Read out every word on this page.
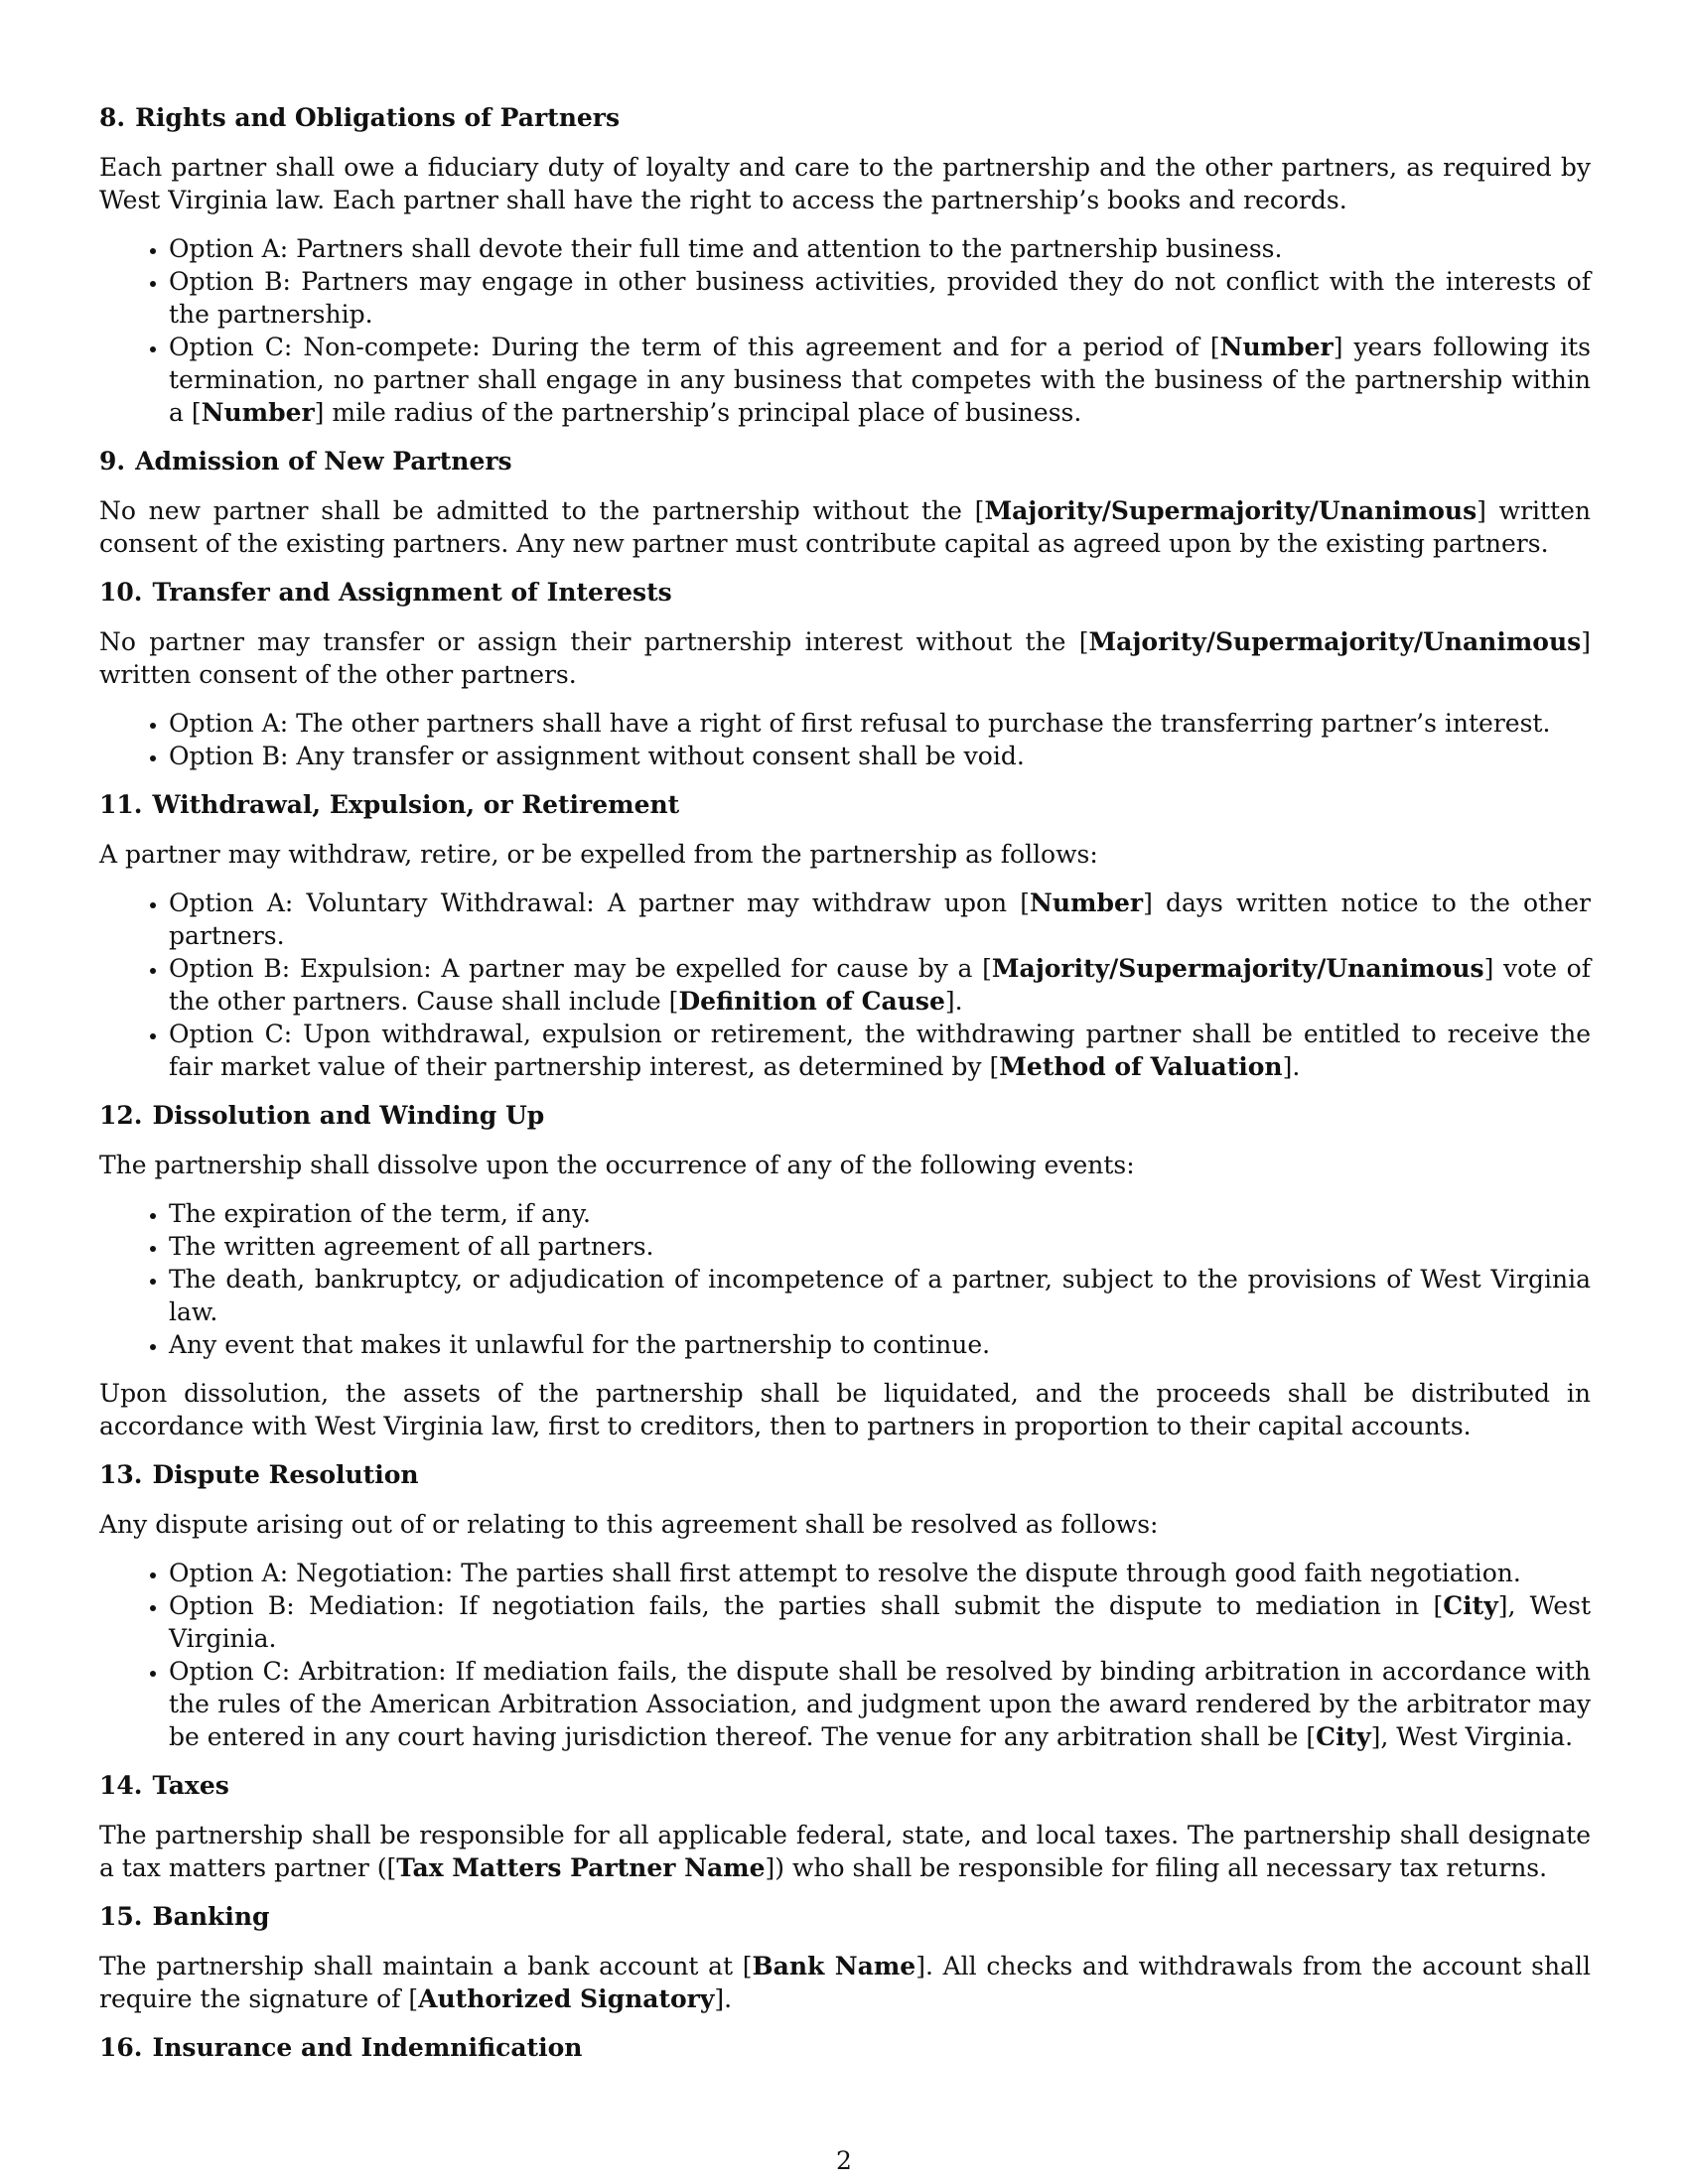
8. Rights and Obligations of Partners

Each partner shall owe a fiduciary duty of loyalty and care to the partnership and the other partners, as required by West Virginia law. Each partner shall have the right to access the partnership’s books and records.

• Option A: Partners shall devote their full time and attention to the partnership business.
• Option B: Partners may engage in other business activities, provided they do not conflict with the interests of the partnership.
• Option C: Non-compete: During the term of this agreement and for a period of [Number] years following its termination, no partner shall engage in any business that competes with the business of the partnership within a [Number] mile radius of the partnership’s principal place of business.
9. Admission of New Partners

No new partner shall be admitted to the partnership without the [Majority/Supermajority/Unanimous] written consent of the existing partners. Any new partner must contribute capital as agreed upon by the existing partners.

10. Transfer and Assignment of Interests

No partner may transfer or assign their partnership interest without the [Majority/Supermajority/Unanimous] written consent of the other partners.

• Option A: The other partners shall have a right of first refusal to purchase the transferring partner’s interest.
• Option B: Any transfer or assignment without consent shall be void.
11. Withdrawal, Expulsion, or Retirement

A partner may withdraw, retire, or be expelled from the partnership as follows:

• Option A: Voluntary Withdrawal: A partner may withdraw upon [Number] days written notice to the other partners.
• Option B: Expulsion: A partner may be expelled for cause by a [Majority/Supermajority/Unanimous] vote of the other partners. Cause shall include [Definition of Cause].
• Option C: Upon withdrawal, expulsion or retirement, the withdrawing partner shall be entitled to receive the fair market value of their partnership interest, as determined by [Method of Valuation].
12. Dissolution and Winding Up

The partnership shall dissolve upon the occurrence of any of the following events:

• The expiration of the term, if any.
• The written agreement of all partners.
• The death, bankruptcy, or adjudication of incompetence of a partner, subject to the provisions of West Virginia law.
• Any event that makes it unlawful for the partnership to continue.

Upon dissolution, the assets of the partnership shall be liquidated, and the proceeds shall be distributed in accordance with West Virginia law, first to creditors, then to partners in proportion to their capital accounts.

13. Dispute Resolution

Any dispute arising out of or relating to this agreement shall be resolved as follows:

• Option A: Negotiation: The parties shall first attempt to resolve the dispute through good faith negotiation.
• Option B: Mediation: If negotiation fails, the parties shall submit the dispute to mediation in [City], West Virginia.
• Option C: Arbitration: If mediation fails, the dispute shall be resolved by binding arbitration in accordance with the rules of the American Arbitration Association, and judgment upon the award rendered by the arbitrator may be entered in any court having jurisdiction thereof. The venue for any arbitration shall be [City], West Virginia.
14. Taxes

The partnership shall be responsible for all applicable federal, state, and local taxes. The partnership shall designate a tax matters partner ([Tax Matters Partner Name]) who shall be responsible for filing all necessary tax returns.

15. Banking

The partnership shall maintain a bank account at [Bank Name]. All checks and withdrawals from the account shall require the signature of [Authorized Signatory].

16. Insurance and Indemnification
2
